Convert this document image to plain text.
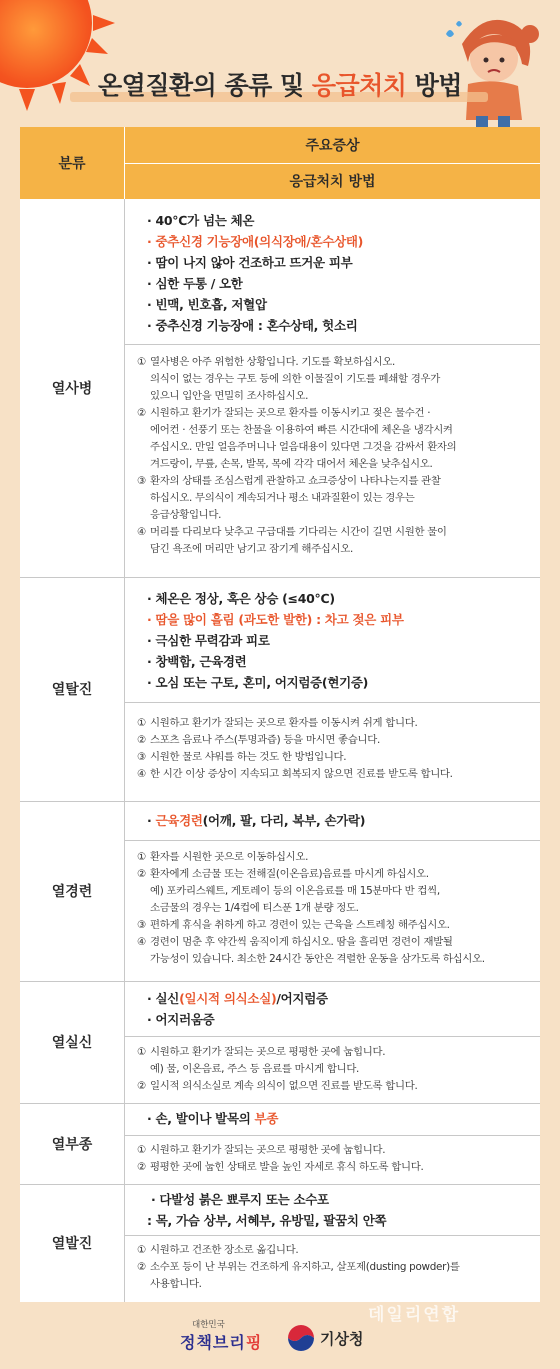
온열질환의 종류 및 응급처치 방법
분류
주요증상
응급처치 방법
열사병
· 40℃가 넘는 체온
· 중추신경 기능장애(의식장애/혼수상태)
· 땀이 나지 않아 건조하고 뜨거운 피부
· 심한 두통 / 오한
· 빈맥, 빈호흡, 저혈압
· 중추신경 기능장애 : 혼수상태, 헛소리
① 열사병은 아주 위험한 상황입니다. 기도를 확보하십시오.
의식이 없는 경우는 구토 등에 의한 이물질이 기도를 폐쇄할 경우가
있으니 입안을 면밀히 조사하십시오.
② 시원하고 환기가 잘되는 곳으로 환자를 이동시키고 젖은 물수건 ·
에어컨 · 선풍기 또는 찬물을 이용하여 빠른 시간대에 체온을 냉각시켜
주십시오. 만일 얼음주머니나 얼음대용이 있다면 그것을 감싸서 환자의
겨드랑이, 무릎, 손목, 발목, 목에 각각 대어서 체온을 낮추십시오.
③ 환자의 상태를 조심스럽게 관찰하고 쇼크증상이 나타나는지를 관찰
하십시오. 무의식이 계속되거나 평소 내과질환이 있는 경우는
응급상황입니다.
④ 머리를 다리보다 낮추고 구급대를 기다리는 시간이 길면 시원한 물이
담긴 욕조에 머리만 남기고 잠기게 해주십시오.
열탈진
· 체온은 정상, 혹은 상승 (≤40℃)
· 땀을 많이 흘림 (과도한 발한) : 차고 젖은 피부
· 극심한 무력감과 피로
· 창백함, 근육경련
· 오심 또는 구토, 혼미, 어지럼증(현기증)
① 시원하고 환기가 잘되는 곳으로 환자를 이동시켜 쉬게 합니다.
② 스포츠 음료나 주스(투명과즙) 등을 마시면 좋습니다.
③ 시원한 물로 샤워를 하는 것도 한 방법입니다.
④ 한 시간 이상 증상이 지속되고 회복되지 않으면 진료를 받도록 합니다.
열경련
· 근육경련(어깨, 팔, 다리, 복부, 손가락)
① 환자를 시원한 곳으로 이동하십시오.
② 환자에게 소금물 또는 전해질(이온음료)음료를 마시게 하십시오.
예) 포카리스웨트, 게토레이 등의 이온음료를 매 15분마다 반 컵씩,
소금물의 경우는 1/4컵에 티스푼 1개 분량 정도.
③ 편하게 휴식을 취하게 하고 경련이 있는 근육을 스트레칭 해주십시오.
④ 경련이 멈춘 후 약간씩 움직이게 하십시오. 땀을 흘리면 경련이 재발될
가능성이 있습니다. 최소한 24시간 동안은 격렬한 운동을 삼가도록 하십시오.
열실신
· 실신(일시적 의식소실)/어지럼증
· 어지러움증
① 시원하고 환기가 잘되는 곳으로 평평한 곳에 눕힙니다.
예) 물, 이온음료, 주스 등 음료를 마시게 합니다.
② 일시적 의식소실로 계속 의식이 없으면 진료를 받도록 합니다.
열부종
· 손, 발이나 발목의 부종
① 시원하고 환기가 잘되는 곳으로 평평한 곳에 눕힙니다.
② 평평한 곳에 눕힌 상태로 발을 높인 자세로 휴식 하도록 합니다.
열발진
· 다발성 붉은 뾰루지 또는 소수포
: 목, 가슴 상부, 서혜부, 유방밑, 팔꿈치 안쪽
① 시원하고 건조한 장소로 옮깁니다.
② 소수포 등이 난 부위는 건조하게 유지하고, 살포제(dusting powder)를
사용합니다.
데일리연합
대한민국
정책브리핑	기상청
